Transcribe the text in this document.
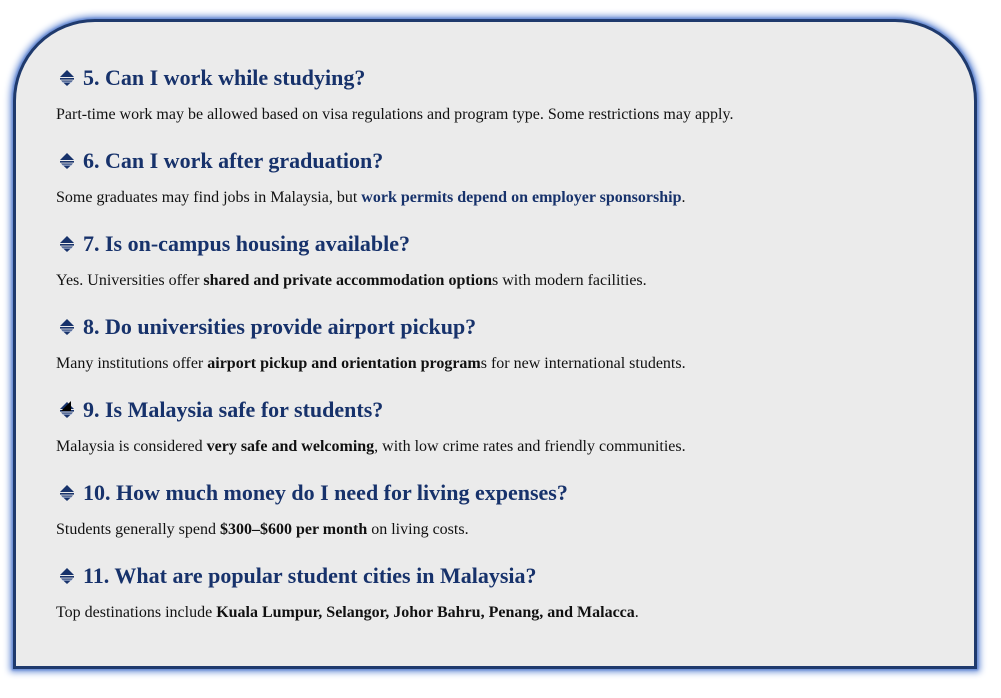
5. Can I work while studying?

Part-time work may be allowed based on visa regulations and program type. Some restrictions may apply.

6. Can I work after graduation?

Some graduates may find jobs in Malaysia, but work permits depend on employer sponsorship.

7. Is on-campus housing available?

Yes. Universities offer shared and private accommodation options with modern facilities.

8. Do universities provide airport pickup?

Many institutions offer airport pickup and orientation programs for new international students.

9. Is Malaysia safe for students?

Malaysia is considered very safe and welcoming, with low crime rates and friendly communities.

10. How much money do I need for living expenses?

Students generally spend $300–$600 per month on living costs.

11. What are popular student cities in Malaysia?

Top destinations include Kuala Lumpur, Selangor, Johor Bahru, Penang, and Malacca.
